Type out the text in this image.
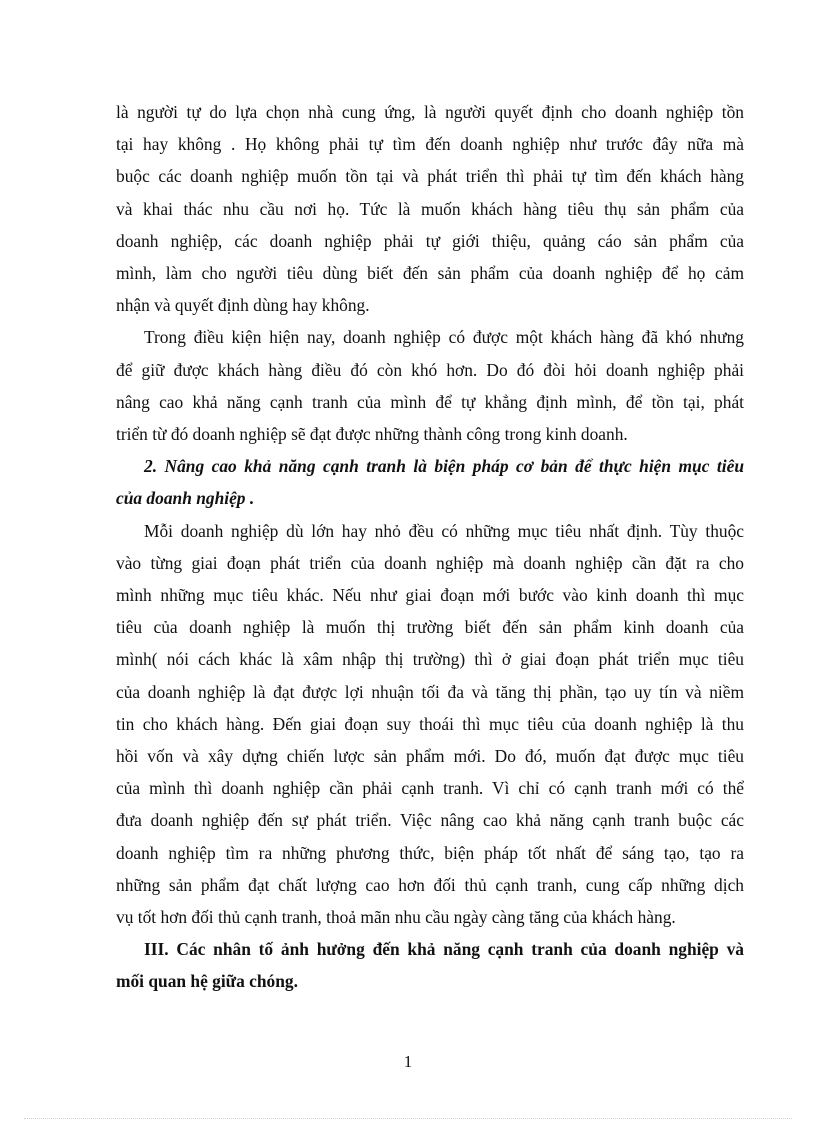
là người tự do lựa chọn nhà cung ứng, là người quyết định cho doanh nghiệp tồn
tại hay không . Họ không phải tự tìm đến doanh nghiệp như trước đây nữa mà
buộc các doanh nghiệp muốn tồn tại và phát triển thì phải tự tìm đến khách hàng
và khai thác nhu cầu nơi họ. Tức là muốn khách hàng tiêu thụ sản phẩm của
doanh nghiệp, các doanh nghiệp phải tự giới thiệu, quảng cáo sản phẩm của
mình, làm cho người tiêu dùng biết đến sản phẩm của doanh nghiệp để họ cảm
nhận và quyết định dùng hay không.

Trong điều kiện hiện nay, doanh nghiệp có được một khách hàng đã khó nhưng
để giữ được khách hàng điều đó còn khó hơn. Do đó đòi hỏi doanh nghiệp phải
nâng cao khả năng cạnh tranh của mình để tự khẳng định mình, để tồn tại, phát
triển từ đó doanh nghiệp sẽ đạt được những thành công trong kinh doanh.

2. Nâng cao khả năng cạnh tranh là biện pháp cơ bản để thực hiện mục tiêu
của doanh nghiệp .

Mỗi doanh nghiệp dù lớn hay nhỏ đều có những mục tiêu nhất định. Tùy thuộc
vào từng giai đoạn phát triển của doanh nghiệp mà doanh nghiệp cần đặt ra cho
mình những mục tiêu khác. Nếu như giai đoạn mới bước vào kinh doanh thì mục
tiêu của doanh nghiệp là muốn thị trường biết đến sản phẩm kinh doanh của
mình( nói cách khác là xâm nhập thị trường) thì ở giai đoạn phát triển mục tiêu
của doanh nghiệp là đạt được lợi nhuận tối đa và tăng thị phần, tạo uy tín và niềm
tin cho khách hàng. Đến giai đoạn suy thoái thì mục tiêu của doanh nghiệp là thu
hồi vốn và xây dựng chiến lược sản phẩm mới. Do đó, muốn đạt được mục tiêu
của mình thì doanh nghiệp cần phải cạnh tranh. Vì chỉ có cạnh tranh mới có thể
đưa doanh nghiệp đến sự phát triển. Việc nâng cao khả năng cạnh tranh buộc các
doanh nghiệp tìm ra những phương thức, biện pháp tốt nhất để sáng tạo, tạo ra
những sản phẩm đạt chất lượng cao hơn đối thủ cạnh tranh, cung cấp những dịch
vụ tốt hơn đối thủ cạnh tranh, thoả mãn nhu cầu ngày càng tăng của khách hàng.

III. Các nhân tố ảnh hưởng đến khả năng cạnh tranh của doanh nghiệp và
mối quan hệ giữa chóng.

1
